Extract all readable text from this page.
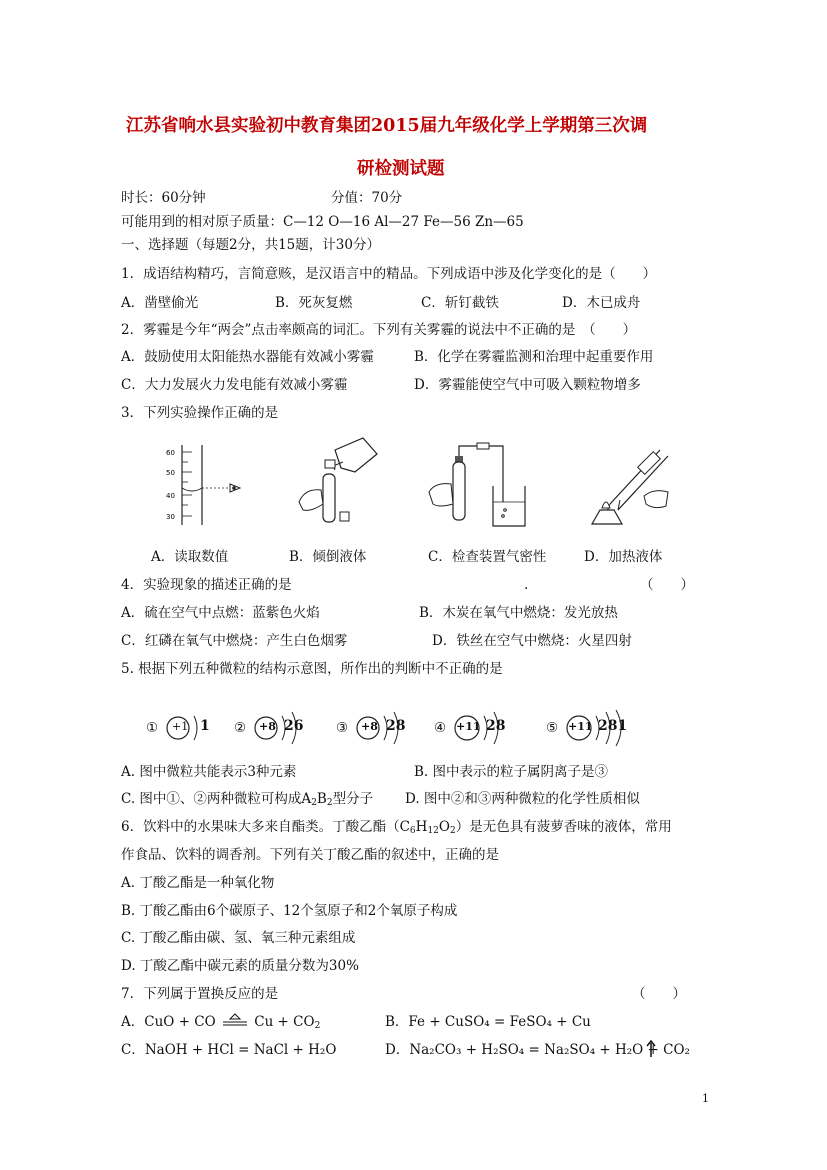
江苏省响水县实验初中教育集团2015届九年级化学上学期第三次调
研检测试题
时长：60分钟	分值：70分
可能用到的相对原子质量：C—12 O—16 Al—27 Fe—56 Zn—65
一、选择题（每题2分，共15题，计30分）
1．成语结构精巧，言简意赅，是汉语言中的精品。下列成语中涉及化学变化的是（　　）
A．凿壁偷光	B．死灰复燃	C．斩钉截铁	D．木已成舟
2．雾霾是今年“两会”点击率颇高的词汇。下列有关雾霾的说法中不正确的是　（　　）
A．鼓励使用太阳能热水器能有效减小雾霾	B．化学在雾霾监测和治理中起重要作用
C．大力发展火力发电能有效减小雾霾	D．雾霾能使空气中可吸入颗粒物增多
3．下列实验操作正确的是
60
50
40
30
A．读取数值	B．倾倒液体	C．检查装置气密性	D．加热液体
4．实验现象的描述正确的是	.	（　　）
A．硫在空气中点燃：蓝紫色火焰	B．木炭在氧气中燃烧：发光放热
C．红磷在氧气中燃烧：产生白色烟雾	D．铁丝在空气中燃烧：火星四射
5. 根据下列五种微粒的结构示意图，所作出的判断中不正确的是
① +1 1 ② +8 26 ③ +8 28 ④ +11 28	⑤ +11 281
A. 图中微粒共能表示3种元素	B. 图中表示的粒子属阴离子是③
C. 图中①、②两种微粒可构成$A_2B_2$型分子 D. 图中②和③两种微粒的化学性质相似
6．饮料中的水果味大多来自酯类。丁酸乙酯$(C_6H_{12}O_2)$是无色具有菠萝香味的液体，常用
作食品、饮料的调香剂。下列有关丁酸乙酯的叙述中，正确的是
A. 丁酸乙酯是一种氧化物
B. 丁酸乙酯由6个碳原子、12个氢原子和2个氧原子构成
C. 丁酸乙酯由碳、氢、氧三种元素组成
D. 丁酸乙酯中碳元素的质量分数为30%
7．下列属于置换反应的是	（　　）
A．CuO + CO	$Cu + CO_2$	B．Fe + CuSO₄ = FeSO₄ + Cu
C．NaOH + HCl = NaCl + H₂O	D．Na₂CO₃ + H₂SO₄ = Na₂SO₄ + H₂O + CO₂
1
